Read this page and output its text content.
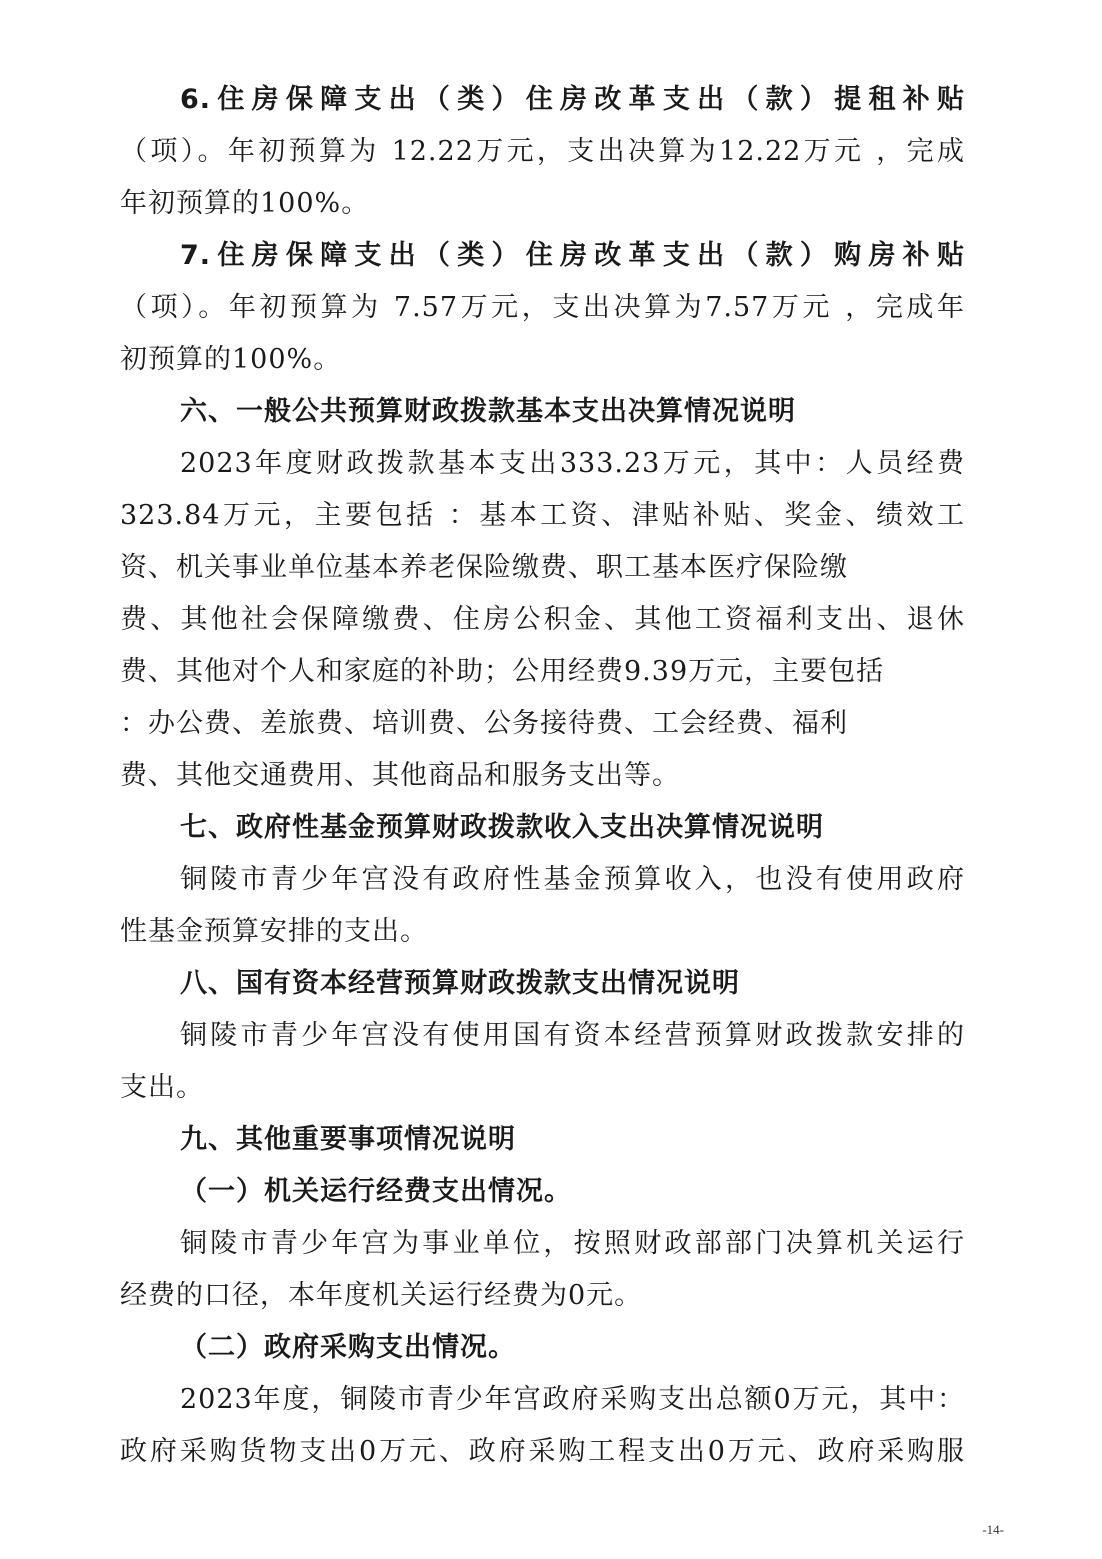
6.住房保障支出（类）住房改革支出（款）提租补贴
（项）。年初预算为 12.22万元，支出决算为12.22万元 ，完成
年初预算的100%。
7.住房保障支出（类）住房改革支出（款）购房补贴
（项）。年初预算为 7.57万元，支出决算为7.57万元 ，完成年
初预算的100%。
六、一般公共预算财政拨款基本支出决算情况说明
2023年度财政拨款基本支出333.23万元，其中：人员经费
323.84万元，主要包括 ：基本工资、津贴补贴、奖金、绩效工
资、机关事业单位基本养老保险缴费、职工基本医疗保险缴
费、其他社会保障缴费、住房公积金、其他工资福利支出、退休
费、其他对个人和家庭的补助；公用经费9.39万元，主要包括
：办公费、差旅费、培训费、公务接待费、工会经费、福利
费、其他交通费用、其他商品和服务支出等。
七、政府性基金预算财政拨款收入支出决算情况说明
铜陵市青少年宫没有政府性基金预算收入，也没有使用政府
性基金预算安排的支出。
八、国有资本经营预算财政拨款支出情况说明
铜陵市青少年宫没有使用国有资本经营预算财政拨款安排的
支出。
九、其他重要事项情况说明
（一）机关运行经费支出情况。
铜陵市青少年宫为事业单位，按照财政部部门决算机关运行
经费的口径，本年度机关运行经费为0元。
（二）政府采购支出情况。
2023年度，铜陵市青少年宫政府采购支出总额0万元，其中：
政府采购货物支出0万元、政府采购工程支出0万元、政府采购服
-14-
